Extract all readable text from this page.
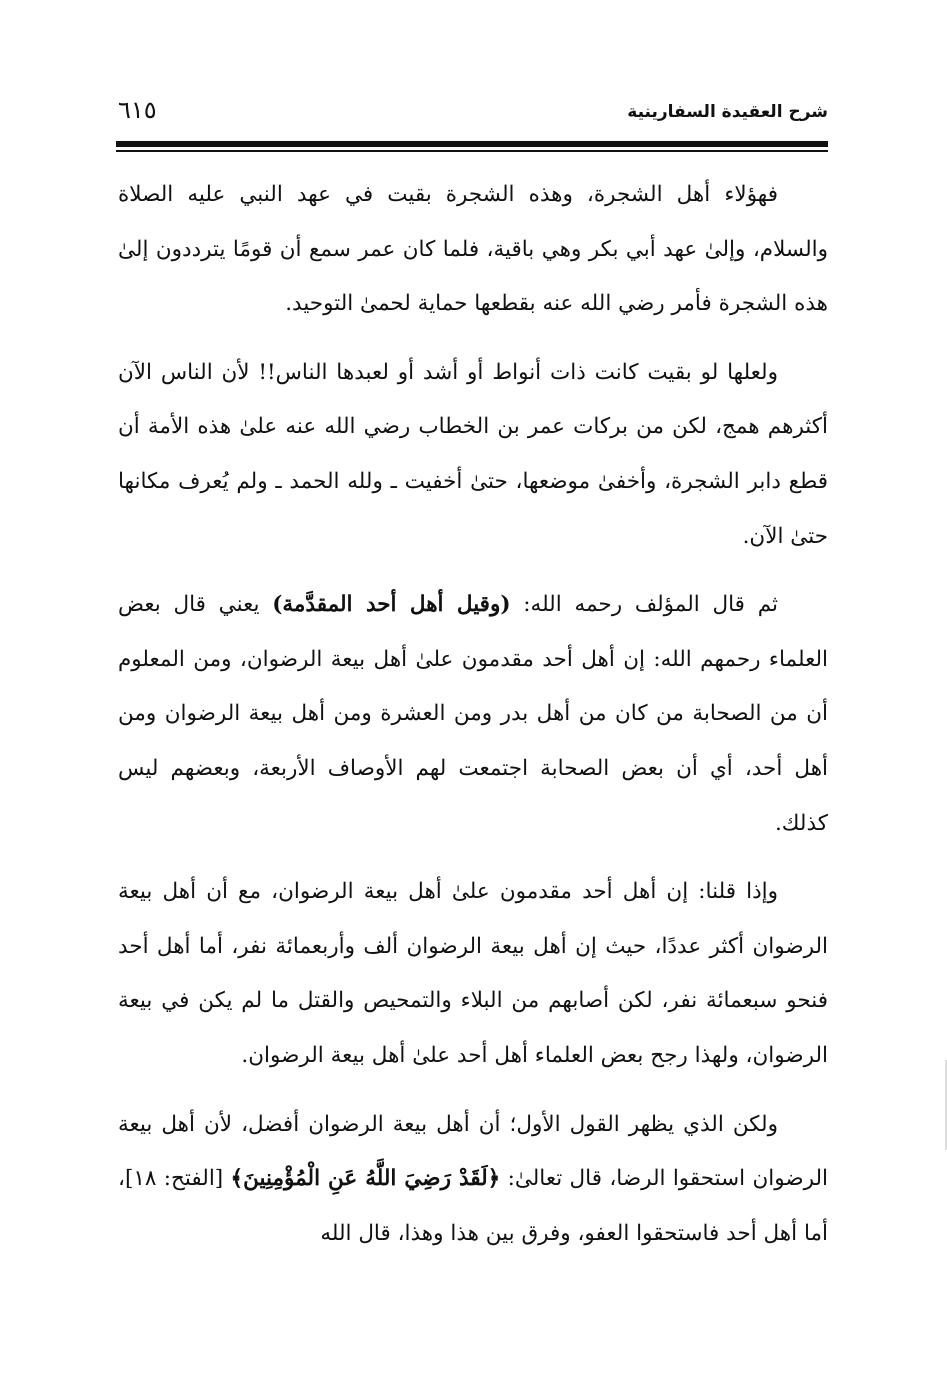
شرح العقيدة السفارينية
٦١٥

فهؤلاء أهل الشجرة، وهذه الشجرة بقيت في عهد النبي عليه الصلاة والسلام، وإلىٰ عهد أبي بكر وهي باقية، فلما كان عمر سمع أن قومًا يترددون إلىٰ هذه الشجرة فأمر رضي الله عنه بقطعها حماية لحمىٰ التوحيد.

ولعلها لو بقيت كانت ذات أنواط أو أشد أو لعبدها الناس!! لأن الناس الآن أكثرهم همج، لكن من بركات عمر بن الخطاب رضي الله عنه علىٰ هذه الأمة أن قطع دابر الشجرة، وأخفىٰ موضعها، حتىٰ أخفيت ـ ولله الحمد ـ ولم يُعرف مكانها حتىٰ الآن.

ثم قال المؤلف رحمه الله: (وقيل أهل أحد المقدَّمة) يعني قال بعض العلماء رحمهم الله: إن أهل أحد مقدمون علىٰ أهل بيعة الرضوان، ومن المعلوم أن من الصحابة من كان من أهل بدر ومن العشرة ومن أهل بيعة الرضوان ومن أهل أحد، أي أن بعض الصحابة اجتمعت لهم الأوصاف الأربعة، وبعضهم ليس كذلك.

وإذا قلنا: إن أهل أحد مقدمون علىٰ أهل بيعة الرضوان، مع أن أهل بيعة الرضوان أكثر عددًا، حيث إن أهل بيعة الرضوان ألف وأربعمائة نفر، أما أهل أحد فنحو سبعمائة نفر، لكن أصابهم من البلاء والتمحيص والقتل ما لم يكن في بيعة الرضوان، ولهذا رجح بعض العلماء أهل أحد علىٰ أهل بيعة الرضوان.

ولكن الذي يظهر القول الأول؛ أن أهل بيعة الرضوان أفضل، لأن أهل بيعة الرضوان استحقوا الرضا، قال تعالىٰ: ﴿لَقَدْ رَضِيَ اللَّهُ عَنِ الْمُؤْمِنِينَ﴾ [الفتح: ١٨]، أما أهل أحد فاستحقوا العفو، وفرق بين هذا وهذا، قال الله
